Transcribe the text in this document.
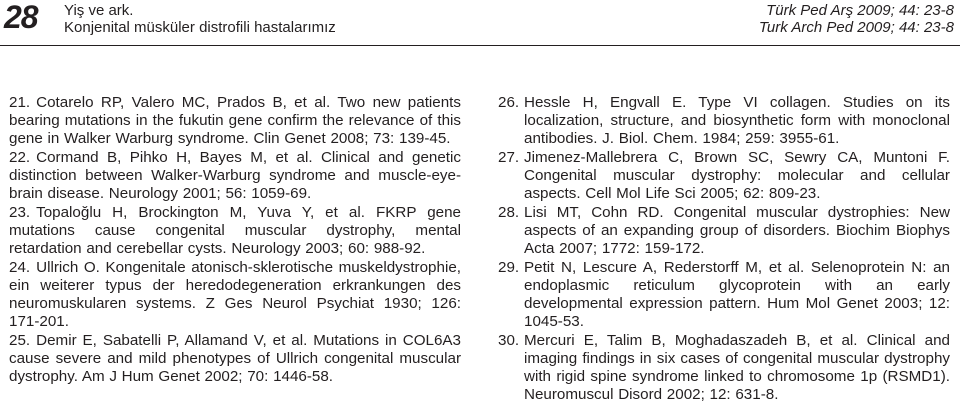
28 Yiş ve ark.
Konjenital müsküler distrofili hastalarımız
Türk Ped Arş 2009; 44: 23-8
Turk Arch Ped 2009; 44: 23-8

21. Cotarelo RP, Valero MC, Prados B, et al. Two new patients bearing mutations in the fukutin gene confirm the relevance of this gene in Walker Warburg syndrome. Clin Genet 2008; 73: 139-45.

22. Cormand B, Pihko H, Bayes M, et al. Clinical and genetic distinction between Walker-Warburg syndrome and muscle-eye-brain disease. Neurology 2001; 56: 1059-69.

23. Topaloğlu H, Brockington M, Yuva Y, et al. FKRP gene mutations cause congenital muscular dystrophy, mental retardation and cerebellar cysts. Neurology 2003; 60: 988-92.

24. Ullrich O. Kongenitale atonisch-sklerotische muskeldystrophie, ein weiterer typus der heredodegeneration erkrankungen des neuromuskularen systems. Z Ges Neurol Psychiat 1930; 126: 171-201.

25. Demir E, Sabatelli P, Allamand V, et al. Mutations in COL6A3 cause severe and mild phenotypes of Ullrich congenital muscular dystrophy. Am J Hum Genet 2002; 70: 1446-58.

26. Hessle H, Engvall E. Type VI collagen. Studies on its localization, structure, and biosynthetic form with monoclonal antibodies. J. Biol. Chem. 1984; 259: 3955-61.

27. Jimenez-Mallebrera C, Brown SC, Sewry CA, Muntoni F. Congenital muscular dystrophy: molecular and cellular aspects. Cell Mol Life Sci 2005; 62: 809-23.

28. Lisi MT, Cohn RD. Congenital muscular dystrophies: New aspects of an expanding group of disorders. Biochim Biophys Acta 2007; 1772: 159-172.

29. Petit N, Lescure A, Rederstorff M, et al. Selenoprotein N: an endoplasmic reticulum glycoprotein with an early developmental expression pattern. Hum Mol Genet 2003; 12: 1045-53.

30. Mercuri E, Talim B, Moghadaszadeh B, et al. Clinical and imaging findings in six cases of congenital muscular dystrophy with rigid spine syndrome linked to chromosome 1p (RSMD1). Neuromuscul Disord 2002; 12: 631-8.
